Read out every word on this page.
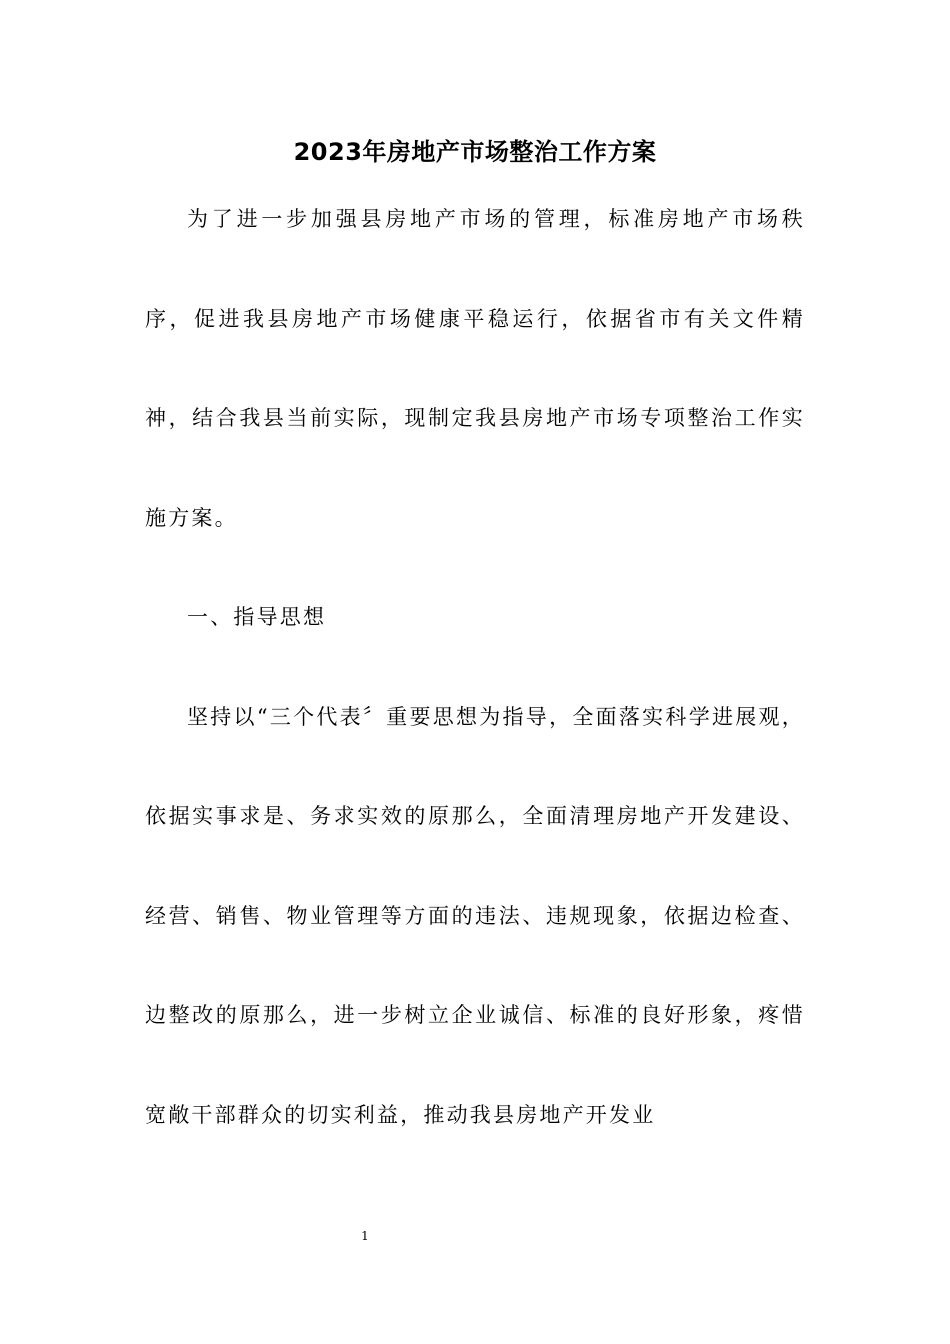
2023年房地产市场整治工作方案

为了进一步加强县房地产市场的管理，标准房地产市场秩序，促进我县房地产市场健康平稳运行，依据省市有关文件精神，结合我县当前实际，现制定我县房地产市场专项整治工作实施方案。

一、指导思想

坚持以“三个代表〞重要思想为指导，全面落实科学进展观，依据实事求是、务求实效的原那么，全面清理房地产开发建设、经营、销售、物业管理等方面的违法、违规现象，依据边检查、边整改的原那么，进一步树立企业诚信、标准的良好形象，疼惜宽敞干部群众的切实利益，推动我县房地产开发业

1
